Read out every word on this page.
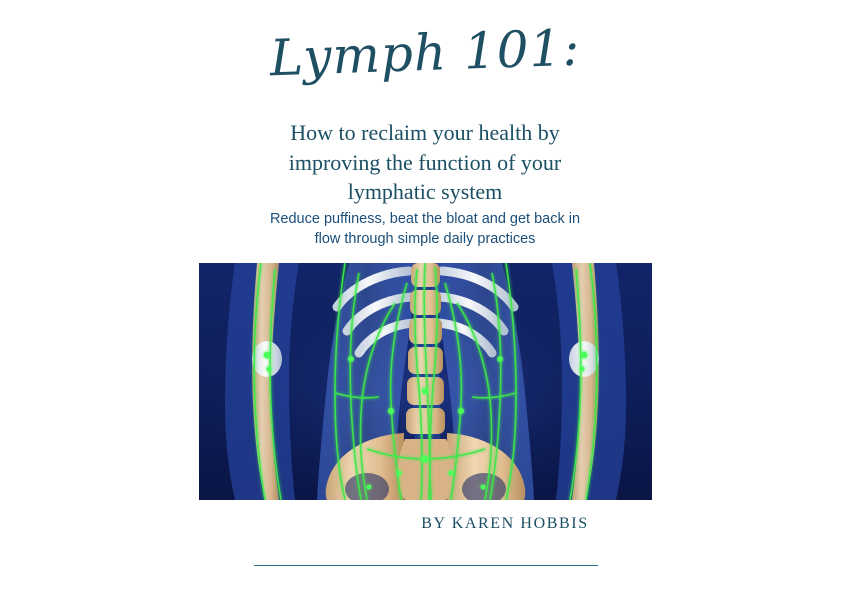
Lymph 101:
How to reclaim your health by
improving the function of your
lymphatic system
Reduce puffiness, beat the bloat and get back in
flow through simple daily practices
BY KAREN HOBBIS
